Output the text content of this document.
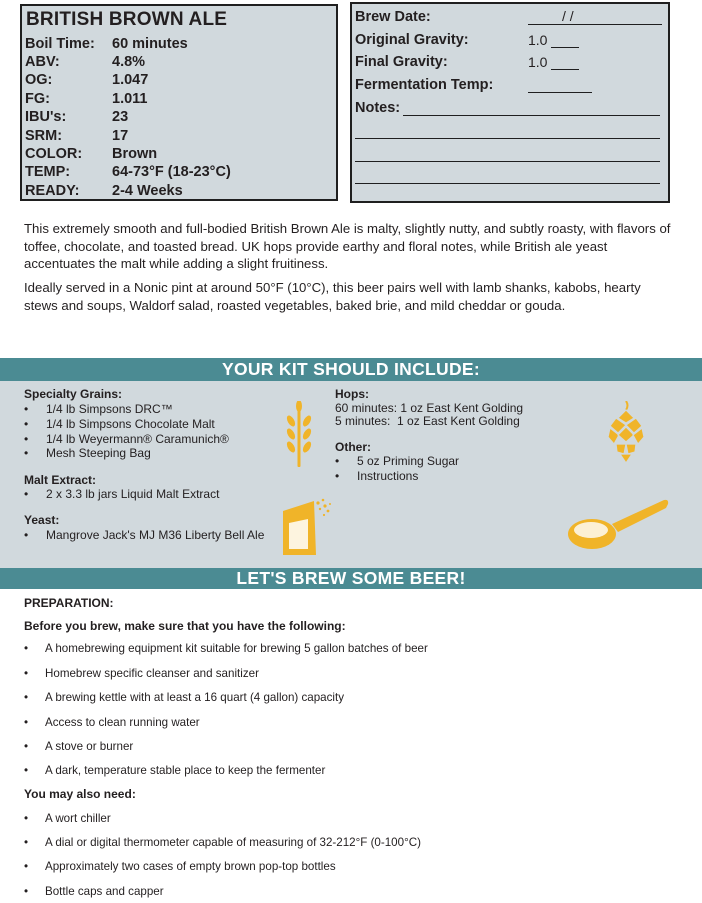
BRITISH BROWN ALE
Boil Time: 60 minutes
ABV:	4.8%
OG:	1.047
FG:	1.011
IBU's:	23
SRM:	17
COLOR: Brown
TEMP:	64-73°F (18-23°C)
READY: 2-4 Weeks
Brew Date:	/ /
Original Gravity:	1.0
Final Gravity:	1.0
Fermentation Temp:
Notes:
This extremely smooth and full-bodied British Brown Ale is malty, slightly nutty, and subtly roasty, with flavors of toffee, chocolate, and toasted bread. UK hops provide earthy and floral notes, while British ale yeast accentuates the malt while adding a slight fruitiness.
Ideally served in a Nonic pint at around 50°F (10°C), this beer pairs well with lamb shanks, kabobs, hearty stews and soups, Waldorf salad, roasted vegetables, baked brie, and mild cheddar or gouda.
YOUR KIT SHOULD INCLUDE:
Specialty Grains:
• 1/4 lb Simpsons DRC™
• 1/4 lb Simpsons Chocolate Malt
• 1/4 lb Weyermann® Caramunich®
• Mesh Steeping Bag
Malt Extract:
• 2 x 3.3 lb jars Liquid Malt Extract
Yeast:
• Mangrove Jack's MJ M36 Liberty Bell Ale
Hops:
60 minutes: 1 oz East Kent Golding
5 minutes:  1 oz East Kent Golding
Other:
• 5 oz Priming Sugar
• Instructions
LET'S BREW SOME BEER!
PREPARATION:
Before you brew, make sure that you have the following:
• A homebrewing equipment kit suitable for brewing 5 gallon batches of beer
• Homebrew specific cleanser and sanitizer
• A brewing kettle with at least a 16 quart (4 gallon) capacity
• Access to clean running water
• A stove or burner
• A dark, temperature stable place to keep the fermenter
You may also need:
• A wort chiller
• A dial or digital thermometer capable of measuring of 32-212°F (0-100°C)
• Approximately two cases of empty brown pop-top bottles
• Bottle caps and capper
